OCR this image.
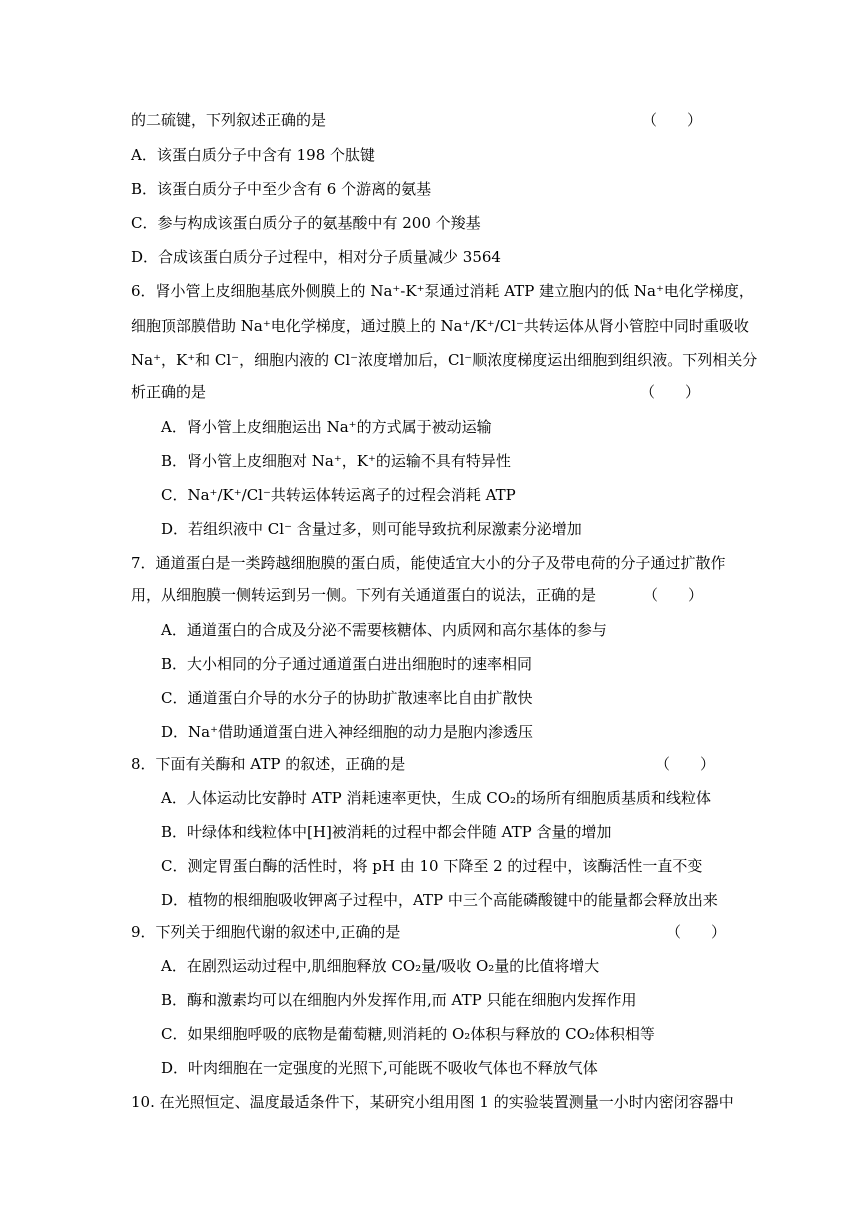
的二硫键，下列叙述正确的是	（　　）
A．该蛋白质分子中含有 198 个肽键
B．该蛋白质分子中至少含有 6 个游离的氨基
C．参与构成该蛋白质分子的氨基酸中有 200 个羧基
D．合成该蛋白质分子过程中，相对分子质量减少 3564
6．肾小管上皮细胞基底外侧膜上的 Na⁺-K⁺泵通过消耗 ATP 建立胞内的低 Na⁺电化学梯度，
细胞顶部膜借助 Na⁺电化学梯度，通过膜上的 Na⁺/K⁺/Cl⁻共转运体从肾小管腔中同时重吸收
Na⁺，K⁺和 Cl⁻，细胞内液的 Cl⁻浓度增加后，Cl⁻顺浓度梯度运出细胞到组织液。下列相关分
析正确的是	（　　）
A．肾小管上皮细胞运出 Na⁺的方式属于被动运输
B．肾小管上皮细胞对 Na⁺，K⁺的运输不具有特异性
C．Na⁺/K⁺/Cl⁻共转运体转运离子的过程会消耗 ATP
D．若组织液中 Cl⁻ 含量过多，则可能导致抗利尿激素分泌增加
7．通道蛋白是一类跨越细胞膜的蛋白质，能使适宜大小的分子及带电荷的分子通过扩散作
用，从细胞膜一侧转运到另一侧。下列有关通道蛋白的说法，正确的是	（　　）
A．通道蛋白的合成及分泌不需要核糖体、内质网和高尔基体的参与
B．大小相同的分子通过通道蛋白进出细胞时的速率相同
C．通道蛋白介导的水分子的协助扩散速率比自由扩散快
D．Na⁺借助通道蛋白进入神经细胞的动力是胞内渗透压
8．下面有关酶和 ATP 的叙述，正确的是	（　　）
A．人体运动比安静时 ATP 消耗速率更快，生成 CO₂的场所有细胞质基质和线粒体
B．叶绿体和线粒体中[H]被消耗的过程中都会伴随 ATP 含量的增加
C．测定胃蛋白酶的活性时，将 pH 由 10 下降至 2 的过程中，该酶活性一直不变
D．植物的根细胞吸收钾离子过程中，ATP 中三个高能磷酸键中的能量都会释放出来
9．下列关于细胞代谢的叙述中,正确的是	（　　）
A．在剧烈运动过程中,肌细胞释放 CO₂量/吸收 O₂量的比值将增大
B．酶和激素均可以在细胞内外发挥作用,而 ATP 只能在细胞内发挥作用
C．如果细胞呼吸的底物是葡萄糖,则消耗的 O₂体积与释放的 CO₂体积相等
D．叶肉细胞在一定强度的光照下,可能既不吸收气体也不释放气体
10. 在光照恒定、温度最适条件下，某研究小组用图 1 的实验装置测量一小时内密闭容器中
